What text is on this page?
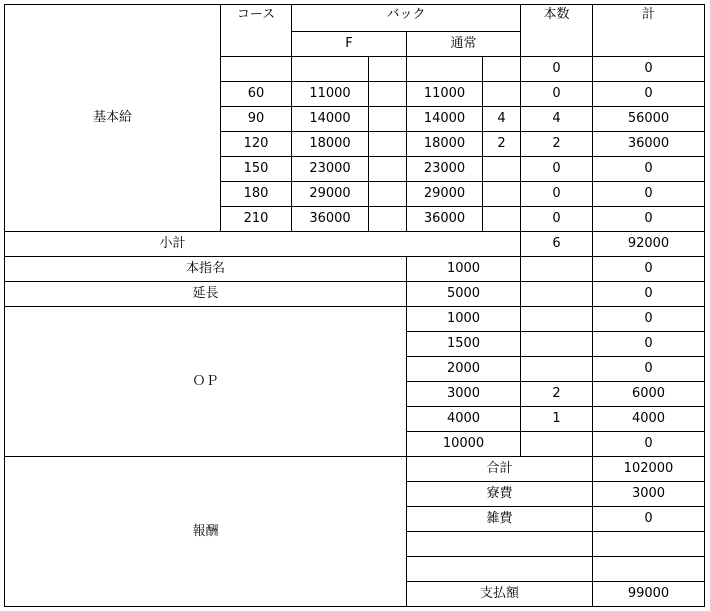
基本給	コース	バック				本数	計
		F		通常			
						0	0
	60	11000		11000		0	0
	90	14000		14000	4	4	56000
	120	18000		18000	2	2	36000
	150	23000		23000		0	0
	180	29000		29000		0	0
	210	36000		36000		0	0
小計						6	92000
本指名				1000			0
延長				5000			0
ＯＰ				1000			0
				1500			0
				2000			0
				3000		2	6000
				4000		1	4000
				10000			0
報酬				合計			102000
				寮費			3000
				雑費			0

				支払額			99000
